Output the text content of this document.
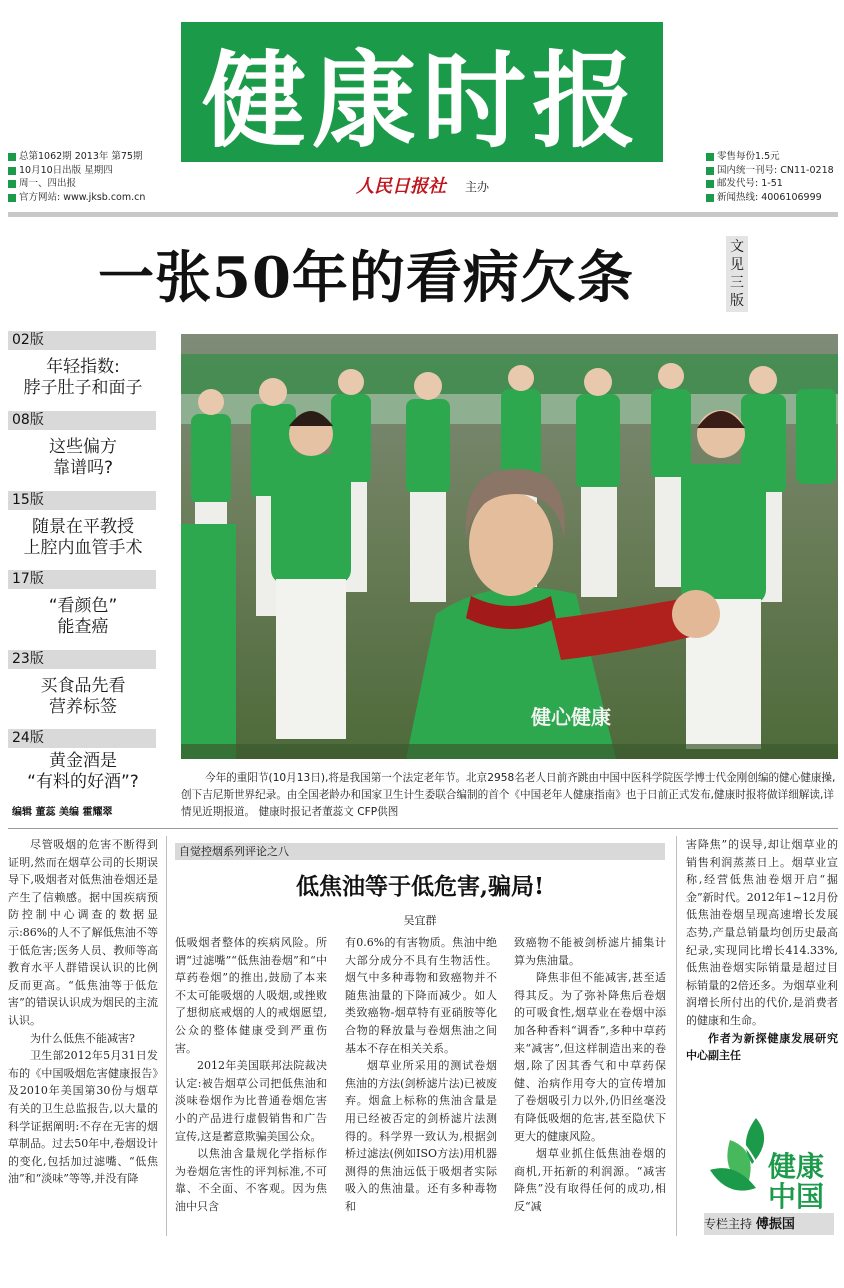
健康时报
总第1062期 2013年 第75期
10月10日出版 星期四
周一、四出报
官方网站: www.jksb.com.cn
零售每份1.5元
国内统一刊号: CN11-0218
邮发代号: 1-51
新闻热线: 4006106999
人民日报社 主办
一张50年的看病欠条	文见三版
02版
年轻指数:
脖子肚子和面子
08版
这些偏方
靠谱吗?
15版
随景在平教授
上腔内血管手术
17版
“看颜色”
能查癌
23版
买食品先看
营养标签
24版
黄金酒是
“有料的好酒”?
编辑 董蕊 美编 霍耀翠
健心健康
今年的重阳节(10月13日),将是我国第一个法定老年节。北京2958名老人日前齐跳由中国中医科学院医学博士代金刚创编的健心健康操,创下吉尼斯世界纪录。由全国老龄办和国家卫生计生委联合编制的首个《中国老年人健康指南》也于日前正式发布,健康时报将做详细解读,详情见近期报道。 健康时报记者董蕊文 CFP供图

尽管吸烟的危害不断得到证明,然而在烟草公司的长期误导下,吸烟者对低焦油卷烟还是产生了信赖感。据中国疾病预防控制中心调查的数据显示:86%的人不了解低焦油不等于低危害;医务人员、教师等高教育水平人群错误认识的比例反而更高。“低焦油等于低危害”的错误认识成为烟民的主流认识。

为什么低焦不能减害?

卫生部2012年5月31日发布的《中国吸烟危害健康报告》及2010年美国第30份与烟草有关的卫生总监报告,以大量的科学证据阐明:不存在无害的烟草制品。过去50年中,卷烟设计的变化,包括加过滤嘴、“低焦油”和“淡味”等等,并没有降

自觉控烟系列评论之八
低焦油等于低危害,骗局!
吴宜群

低吸烟者整体的疾病风险。所谓“过滤嘴”“低焦油卷烟”和“中草药卷烟”的推出,鼓励了本来不太可能吸烟的人吸烟,或挫败了想彻底戒烟的人的戒烟愿望,公众的整体健康受到严重伤害。

2012年美国联邦法院裁决认定:被告烟草公司把低焦油和淡味卷烟作为比普通卷烟危害小的产品进行虚假销售和广告宣传,这是蓄意欺骗美国公众。

以焦油含量规化学指标作为卷烟危害性的评判标准,不可靠、不全面、不客观。因为焦油中只含

有0.6%的有害物质。焦油中绝大部分成分不具有生物活性。烟气中多种毒物和致癌物并不随焦油量的下降而减少。如人类致癌物-烟草特有亚硝胺等化合物的释放量与卷烟焦油之间基本不存在相关关系。

烟草业所采用的测试卷烟焦油的方法(剑桥滤片法)已被废弃。烟盒上标称的焦油含量是用已经被否定的剑桥滤片法测得的。科学界一致认为,根据剑桥过滤法(例如ISO方法)用机器测得的焦油远低于吸烟者实际吸入的焦油量。还有多种毒物和

致癌物不能被剑桥滤片捕集计算为焦油量。

降焦非但不能减害,甚至适得其反。为了弥补降焦后卷烟的可吸食性,烟草业在卷烟中添加各种香料“调香”,多种中草药来“减害”,但这样制造出来的卷烟,除了因其香气和中草药保健、治病作用夸大的宣传增加了卷烟吸引力以外,仍旧丝毫没有降低吸烟的危害,甚至隐伏下更大的健康风险。

烟草业抓住低焦油卷烟的商机,开拓新的利润源。“减害降焦”没有取得任何的成功,相反“减

害降焦”的误导,却让烟草业的销售利润蒸蒸日上。烟草业宣称,经营低焦油卷烟开启“掘金”新时代。2012年1~12月份低焦油卷烟呈现高速增长发展态势,产量总销量均创历史最高纪录,实现同比增长414.33%,低焦油卷烟实际销量是超过目标销量的2倍还多。为烟草业利润增长所付出的代价,是消费者的健康和生命。

作者为新探健康发展研究中心副主任

健康
中国
专栏主持 傅振国
